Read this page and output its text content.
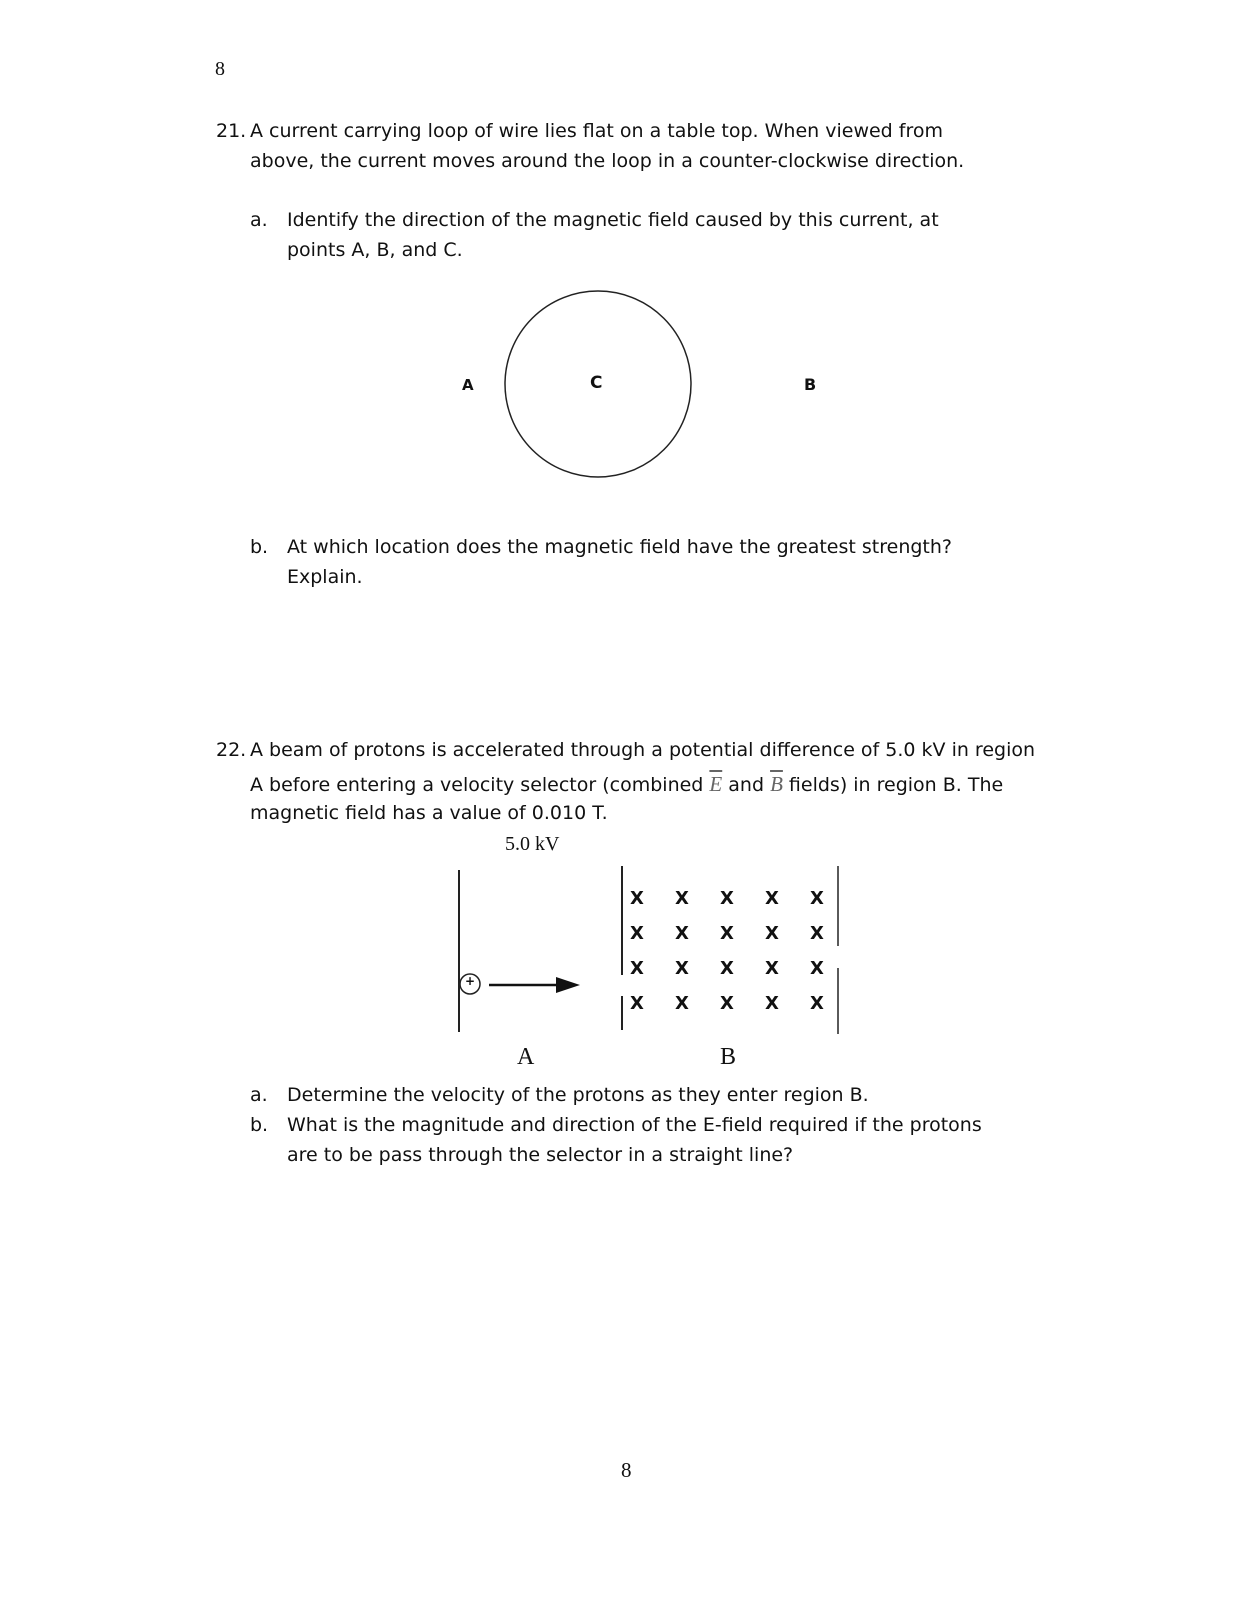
8
21. A current carrying loop of wire lies flat on a table top. When viewed from
above, the current moves around the loop in a counter-clockwise direction.
a. Identify the direction of the magnetic field caused by this current, at
points A, B, and C.
A	C	B
b. At which location does the magnetic field have the greatest strength?
Explain.
22. A beam of protons is accelerated through a potential difference of 5.0 kV in region
A before entering a velocity selector (combined $\overline{E}$ and $\overline{B}$ fields) in region B. The
magnetic field has a value of 0.010 T.
5.0 kV
+
X X X X X
X X X X X
X X X X X
X X X X X
A	B
a. Determine the velocity of the protons as they enter region B.
b. What is the magnitude and direction of the E-field required if the protons
are to be pass through the selector in a straight line?
8
